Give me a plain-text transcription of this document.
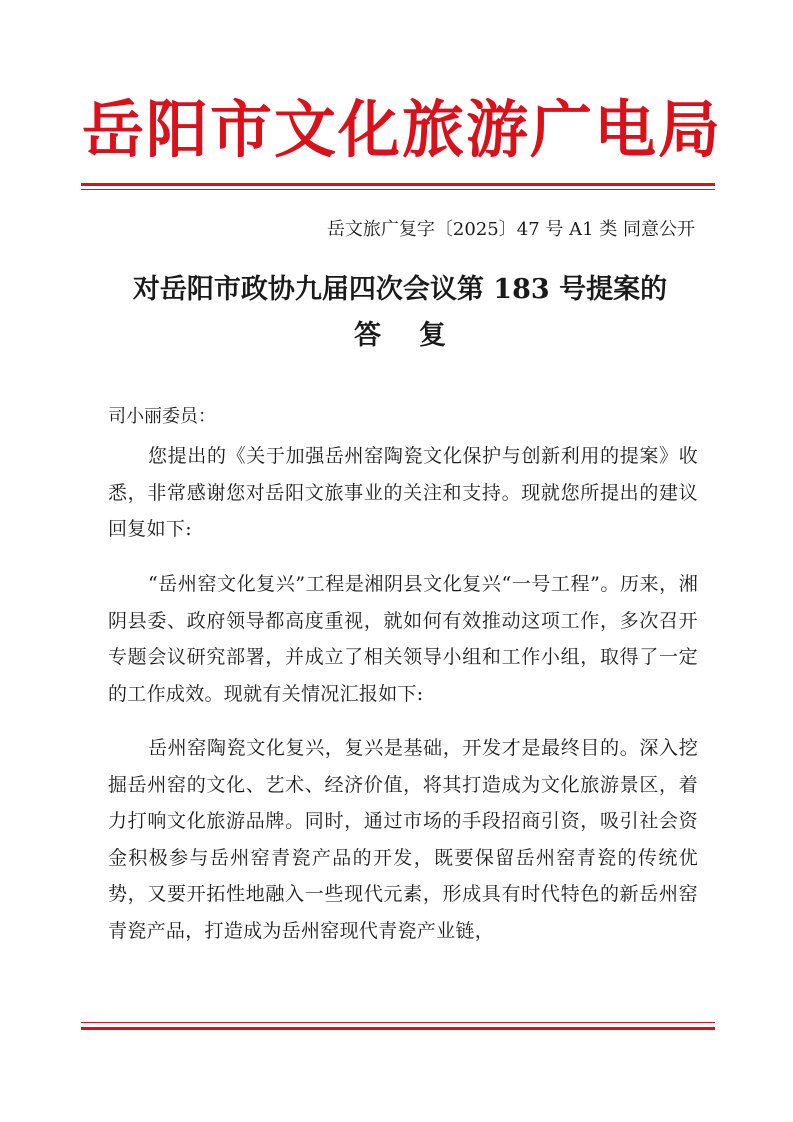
岳阳市文化旅游广电局
岳文旅广复字〔2025〕47 号 A1 类 同意公开
对岳阳市政协九届四次会议第 183 号提案的
答复
司小丽委员：
您提出的《关于加强岳州窑陶瓷文化保护与创新利用的提案》收悉，非常感谢您对岳阳文旅事业的关注和支持。现就您所提出的建议回复如下:
“岳州窑文化复兴”工程是湘阴县文化复兴“一号工程”。历来，湘阴县委、政府领导都高度重视，就如何有效推动这项工作，多次召开专题会议研究部署，并成立了相关领导小组和工作小组，取得了一定的工作成效。现就有关情况汇报如下:
岳州窑陶瓷文化复兴，复兴是基础，开发才是最终目的。深入挖掘岳州窑的文化、艺术、经济价值，将其打造成为文化旅游景区，着力打响文化旅游品牌。同时，通过市场的手段招商引资，吸引社会资金积极参与岳州窑青瓷产品的开发，既要保留岳州窑青瓷的传统优势，又要开拓性地融入一些现代元素，形成具有时代特色的新岳州窑青瓷产品，打造成为岳州窑现代青瓷产业链，
